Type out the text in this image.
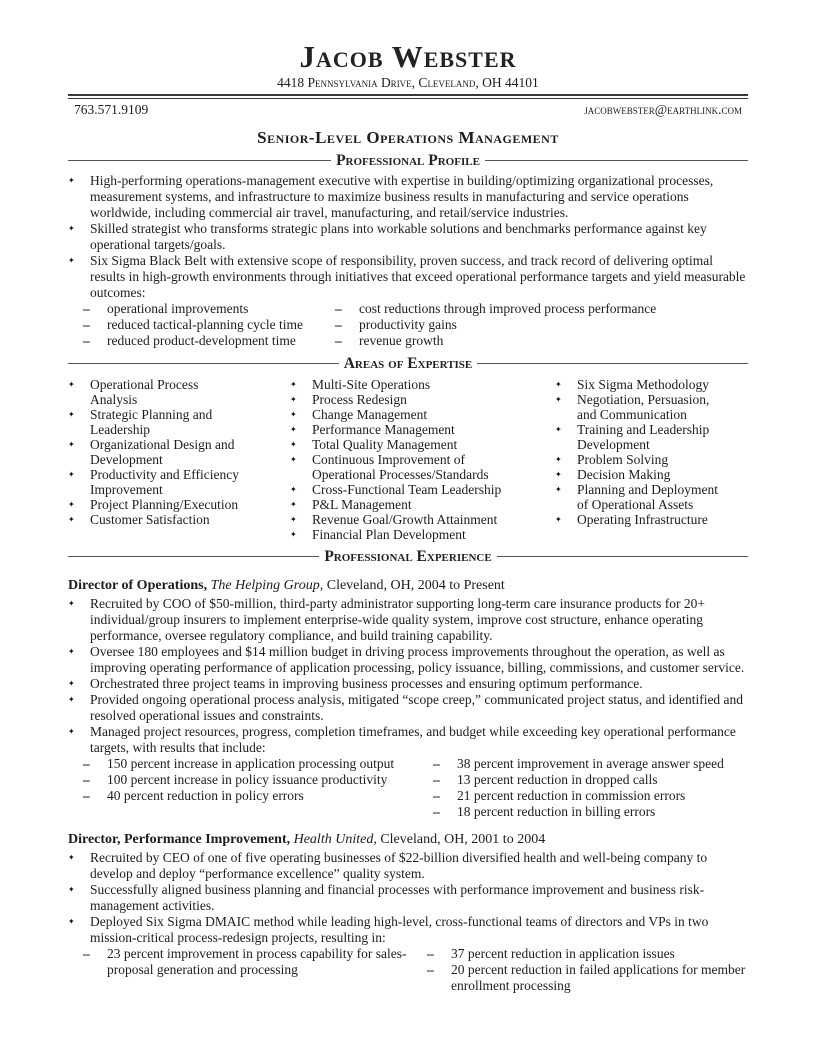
Jacob Webster
4418 Pennsylvania Drive, Cleveland, OH 44101
763.571.9109	jacobwebster@earthlink.com
Senior-Level Operations Management
Professional Profile
✦	High-performing operations-management executive with expertise in building/optimizing organizational processes, measurement systems, and infrastructure to maximize business results in manufacturing and service operations worldwide, including commercial air travel, manufacturing, and retail/service industries.
✦	Skilled strategist who transforms strategic plans into workable solutions and benchmarks performance against key operational targets/goals.
✦	Six Sigma Black Belt with extensive scope of responsibility, proven success, and track record of delivering optimal results in high-growth environments through initiatives that exceed operational performance targets and yield measurable outcomes:
–	operational improvements
–	reduced tactical-planning cycle time
–	reduced product-development time
–	cost reductions through improved process performance
–	productivity gains
–	revenue growth
Areas of Expertise
✦	Operational Process Analysis
✦	Strategic Planning and Leadership
✦	Organizational Design and Development
✦	Productivity and Efficiency Improvement
✦	Project Planning/Execution
✦	Customer Satisfaction
✦	Multi-Site Operations
✦	Process Redesign
✦	Change Management
✦	Performance Management
✦	Total Quality Management
✦	Continuous Improvement of Operational Processes/Standards
✦	Cross-Functional Team Leadership
✦	P&L Management
✦	Revenue Goal/Growth Attainment
✦	Financial Plan Development
✦	Six Sigma Methodology
✦	Negotiation, Persuasion, and Communication
✦	Training and Leadership Development
✦	Problem Solving
✦	Decision Making
✦	Planning and Deployment of Operational Assets
✦	Operating Infrastructure
Professional Experience
Director of Operations, The Helping Group, Cleveland, OH, 2004 to Present
✦	Recruited by COO of $50-million, third-party administrator supporting long-term care insurance products for 20+ individual/group insurers to implement enterprise-wide quality system, improve cost structure, enhance operating performance, oversee regulatory compliance, and build training capability.
✦	Oversee 180 employees and $14 million budget in driving process improvements throughout the operation, as well as improving operating performance of application processing, policy issuance, billing, commissions, and customer service.
✦	Orchestrated three project teams in improving business processes and ensuring optimum performance.
✦	Provided ongoing operational process analysis, mitigated “scope creep,” communicated project status, and identified and resolved operational issues and constraints.
✦	Managed project resources, progress, completion timeframes, and budget while exceeding key operational performance targets, with results that include:
–	150 percent increase in application processing output
–	100 percent increase in policy issuance productivity
–	40 percent reduction in policy errors
–	38 percent improvement in average answer speed
–	13 percent reduction in dropped calls
–	21 percent reduction in commission errors
–	18 percent reduction in billing errors
Director, Performance Improvement, Health United, Cleveland, OH, 2001 to 2004
✦	Recruited by CEO of one of five operating businesses of $22-billion diversified health and well-being company to develop and deploy “performance excellence” quality system.
✦	Successfully aligned business planning and financial processes with performance improvement and business risk-management activities.
✦	Deployed Six Sigma DMAIC method while leading high-level, cross-functional teams of directors and VPs in two mission-critical process-redesign projects, resulting in:
–	23 percent improvement in process capability for sales-proposal generation and processing
–	37 percent reduction in application issues
–	20 percent reduction in failed applications for member enrollment processing
